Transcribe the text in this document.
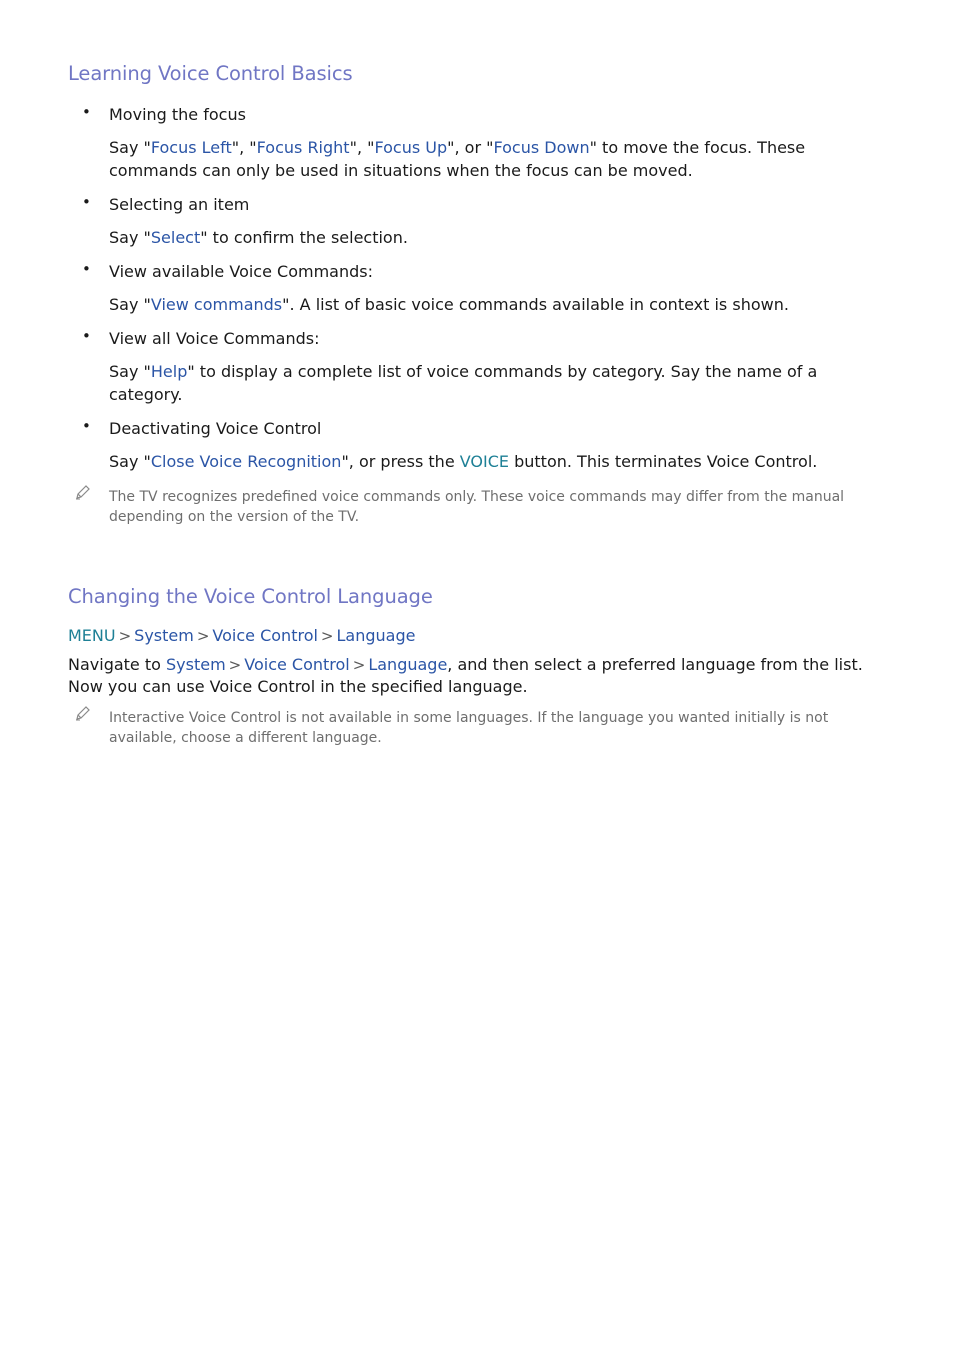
Learning Voice Control Basics
• Moving the focus
Say "Focus Left", "Focus Right", "Focus Up", or "Focus Down" to move the focus. These commands can only be used in situations when the focus can be moved.
• Selecting an item
Say "Select" to confirm the selection.
• View available Voice Commands:
Say "View commands". A list of basic voice commands available in context is shown.
• View all Voice Commands:
Say "Help" to display a complete list of voice commands by category. Say the name of a category.
• Deactivating Voice Control
Say "Close Voice Recognition", or press the VOICE button. This terminates Voice Control.
The TV recognizes predefined voice commands only. These voice commands may differ from the manual depending on the version of the TV.
Changing the Voice Control Language
MENU > System > Voice Control > Language
Navigate to System > Voice Control > Language, and then select a preferred language from the list. Now you can use Voice Control in the specified language.
Interactive Voice Control is not available in some languages. If the language you wanted initially is not available, choose a different language.
